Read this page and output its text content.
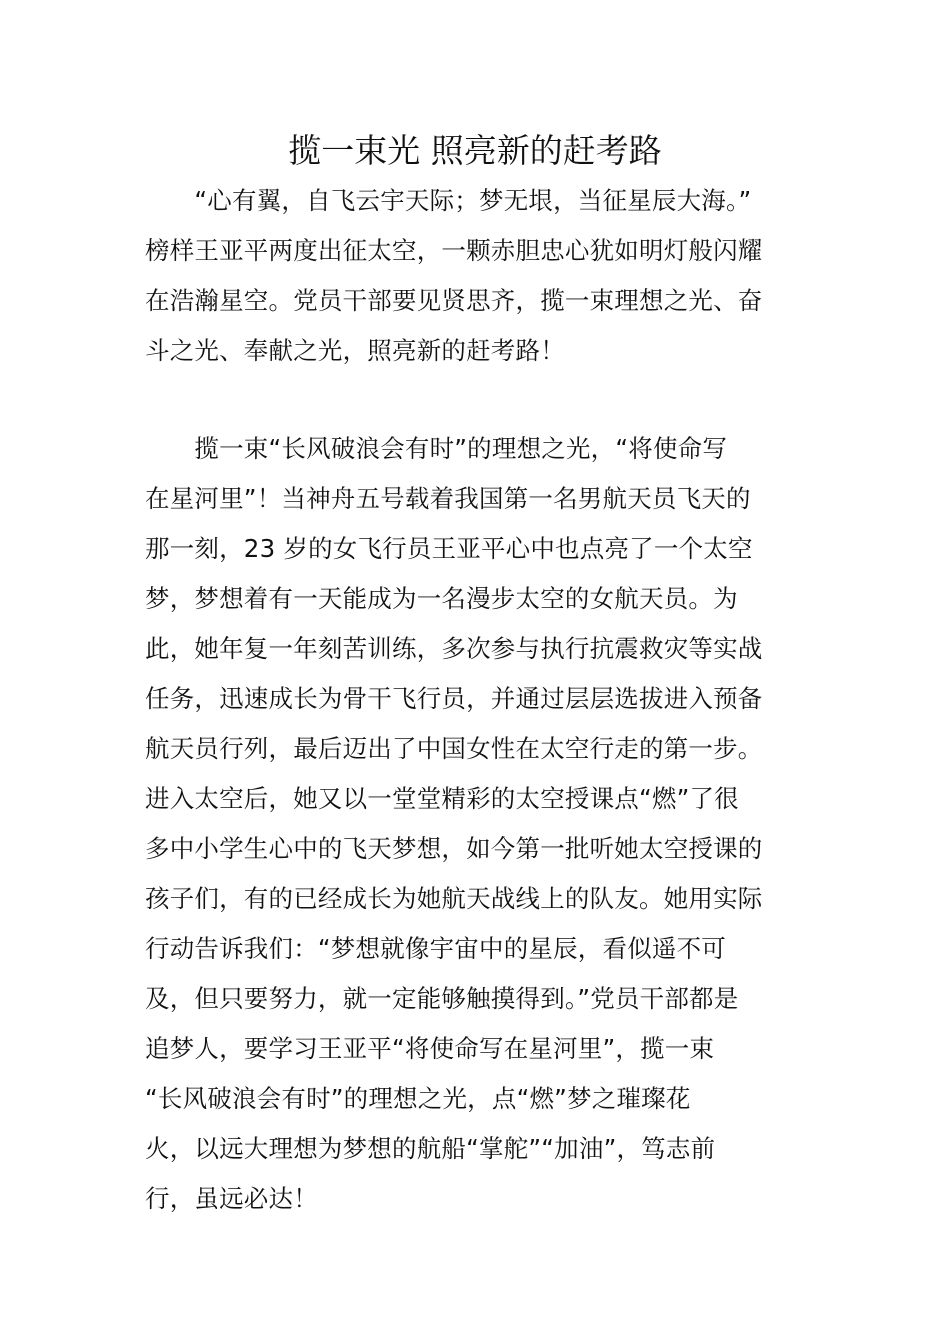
揽一束光 照亮新的赶考路
　　“心有翼，自飞云宇天际；梦无垠，当征星辰大海。”
榜样王亚平两度出征太空，一颗赤胆忠心犹如明灯般闪耀
在浩瀚星空。党员干部要见贤思齐，揽一束理想之光、奋
斗之光、奉献之光，照亮新的赶考路！
　　揽一束“长风破浪会有时”的理想之光，“将使命写
在星河里”！当神舟五号载着我国第一名男航天员飞天的
那一刻，23 岁的女飞行员王亚平心中也点亮了一个太空
梦，梦想着有一天能成为一名漫步太空的女航天员。为
此，她年复一年刻苦训练，多次参与执行抗震救灾等实战
任务，迅速成长为骨干飞行员，并通过层层选拔进入预备
航天员行列，最后迈出了中国女性在太空行走的第一步。
进入太空后，她又以一堂堂精彩的太空授课点“燃”了很
多中小学生心中的飞天梦想，如今第一批听她太空授课的
孩子们，有的已经成长为她航天战线上的队友。她用实际
行动告诉我们：“梦想就像宇宙中的星辰，看似遥不可
及，但只要努力，就一定能够触摸得到。”党员干部都是
追梦人，要学习王亚平“将使命写在星河里”，揽一束
“长风破浪会有时”的理想之光，点“燃”梦之璀璨花
火，以远大理想为梦想的航船“掌舵”“加油”，笃志前
行，虽远必达！
